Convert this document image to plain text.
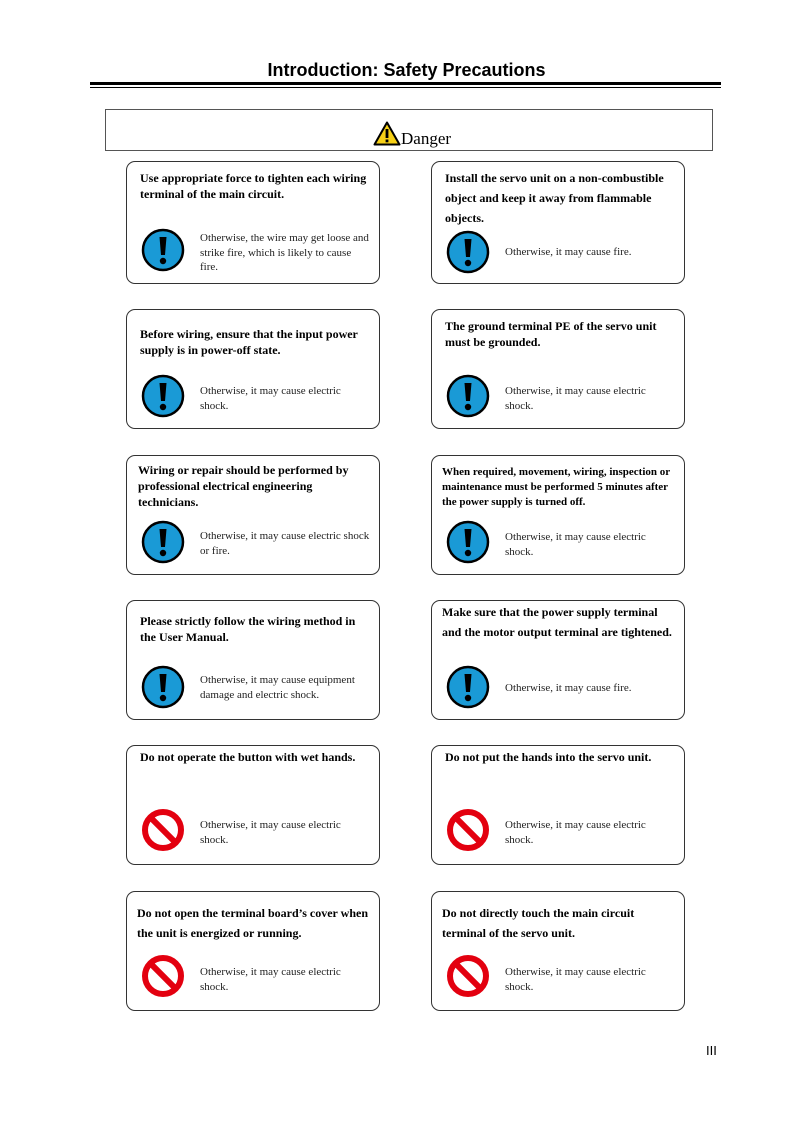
Introduction: Safety Precautions
Danger
Use appropriate force to tighten each wiring terminal of the main circuit.
Otherwise, the wire may get loose and strike fire, which is likely to cause fire.
Install the servo unit on a non-combustible object and keep it away from flammable objects.
Otherwise, it may cause fire.
Before wiring, ensure that the input power supply is in power-off state.
Otherwise, it may cause electric shock.
The ground terminal PE of the servo unit must be grounded.
Otherwise, it may cause electric shock.
Wiring or repair should be performed by professional electrical engineering technicians.
Otherwise, it may cause electric shock or fire.
When required, movement, wiring, inspection or maintenance must be performed 5 minutes after the power supply is turned off.
Otherwise, it may cause electric shock.
Please strictly follow the wiring method in the User Manual.
Otherwise, it may cause equipment damage and electric shock.
Make sure that the power supply terminal and the motor output terminal are tightened.
Otherwise, it may cause fire.
Do not operate the button with wet hands.
Otherwise, it may cause electric shock.
Do not put the hands into the servo unit.
Otherwise, it may cause electric shock.
Do not open the terminal board’s cover when the unit is energized or running.
Otherwise, it may cause electric shock.
Do not directly touch the main circuit terminal of the servo unit.
Otherwise, it may cause electric shock.
III
